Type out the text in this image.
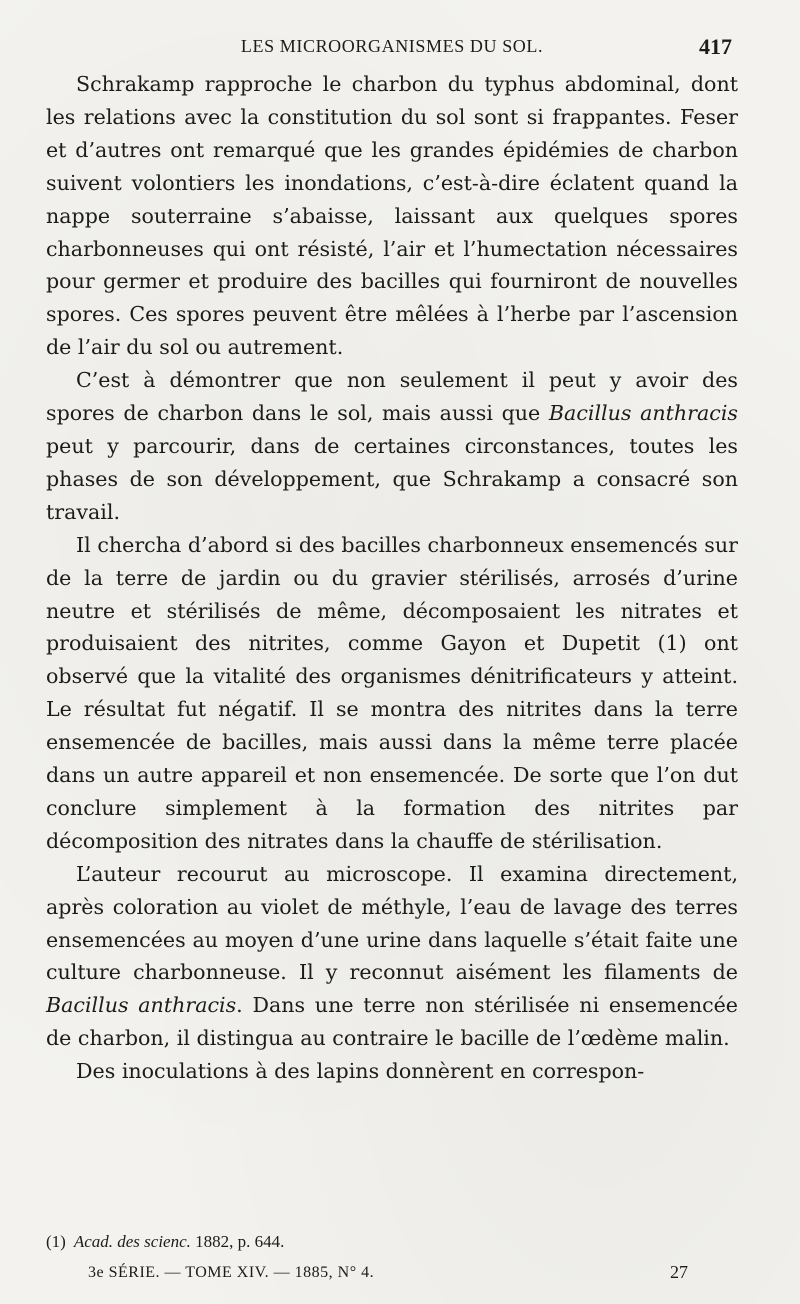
LES MICROORGANISMES DU SOL.	417

Schrakamp rapproche le charbon du typhus abdominal, dont les relations avec la constitution du sol sont si frappantes. Feser et d’autres ont remarqué que les grandes épidémies de charbon suivent volontiers les inondations, c’est-à-dire éclatent quand la nappe souterraine s’abaisse, laissant aux quelques spores charbonneuses qui ont résisté, l’air et l’humectation nécessaires pour germer et produire des bacilles qui fourniront de nouvelles spores. Ces spores peuvent être mêlées à l’herbe par l’ascension de l’air du sol ou autrement.

C’est à démontrer que non seulement il peut y avoir des spores de charbon dans le sol, mais aussi que Bacillus anthracis peut y parcourir, dans de certaines circonstances, toutes les phases de son développement, que Schrakamp a consacré son travail.

Il chercha d’abord si des bacilles charbonneux ensemencés sur de la terre de jardin ou du gravier stérilisés, arrosés d’urine neutre et stérilisés de même, décomposaient les nitrates et produisaient des nitrites, comme Gayon et Dupetit (1) ont observé que la vitalité des organismes dénitrificateurs y atteint. Le résultat fut négatif. Il se montra des nitrites dans la terre ensemencée de bacilles, mais aussi dans la même terre placée dans un autre appareil et non ensemencée. De sorte que l’on dut conclure simplement à la formation des nitrites par décomposition des nitrates dans la chauffe de stérilisation.

L’auteur recourut au microscope. Il examina directement, après coloration au violet de méthyle, l’eau de lavage des terres ensemencées au moyen d’une urine dans laquelle s’était faite une culture charbonneuse. Il y reconnut aisément les filaments de Bacillus anthracis. Dans une terre non stérilisée ni ensemencée de charbon, il distingua au contraire le bacille de l’œdème malin.

Des inoculations à des lapins donnèrent en correspon-

(1) Acad. des scienc. 1882, p. 644.
3e SÉRIE. — TOME XIV. — 1885, N° 4.	27
